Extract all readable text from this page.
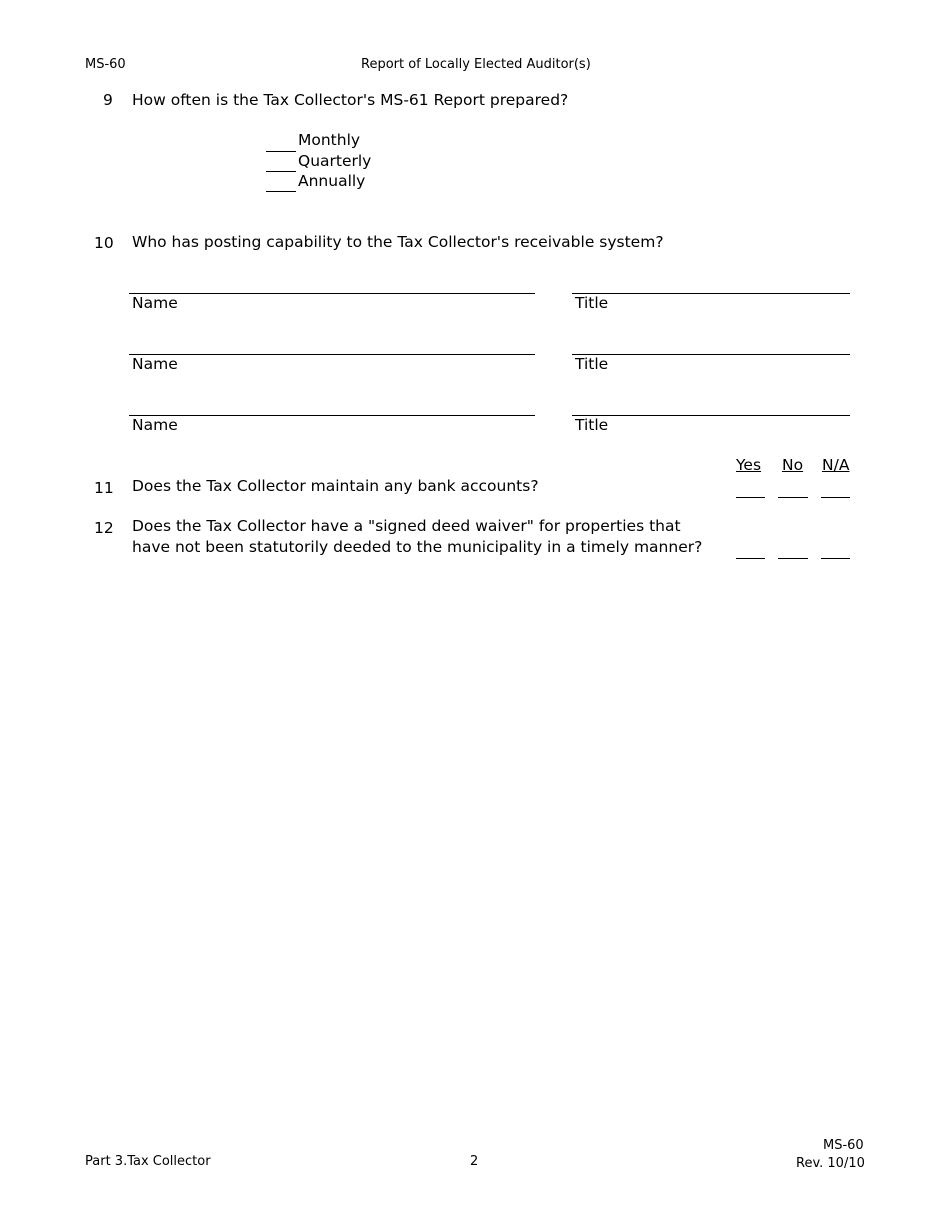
MS-60	Report of Locally Elected Auditor(s)
9 How often is the Tax Collector's MS-61 Report prepared?
Monthly
Quarterly
Annually
10 Who has posting capability to the Tax Collector's receivable system?
Name	Title
Name	Title
Name	Title
Yes No N/A
11 Does the Tax Collector maintain any bank accounts?
12 Does the Tax Collector have a "signed deed waiver" for properties that
have not been statutorily deeded to the municipality in a timely manner?
Part 3.Tax Collector	2
MS-60
Rev. 10/10
